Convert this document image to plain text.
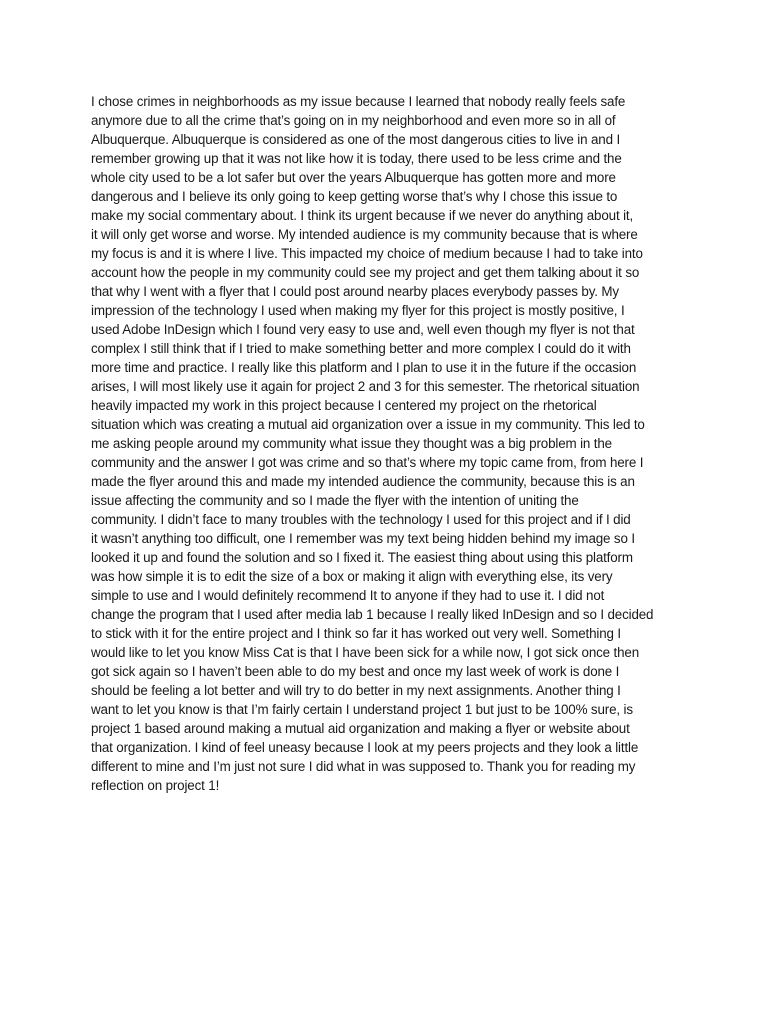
I chose crimes in neighborhoods as my issue because I learned that nobody really feels safe
anymore due to all the crime that’s going on in my neighborhood and even more so in all of
Albuquerque. Albuquerque is considered as one of the most dangerous cities to live in and I
remember growing up that it was not like how it is today, there used to be less crime and the
whole city used to be a lot safer but over the years Albuquerque has gotten more and more
dangerous and I believe its only going to keep getting worse that’s why I chose this issue to
make my social commentary about. I think its urgent because if we never do anything about it,
it will only get worse and worse. My intended audience is my community because that is where
my focus is and it is where I live. This impacted my choice of medium because I had to take into
account how the people in my community could see my project and get them talking about it so
that why I went with a flyer that I could post around nearby places everybody passes by. My
impression of the technology I used when making my flyer for this project is mostly positive, I
used Adobe InDesign which I found very easy to use and, well even though my flyer is not that
complex I still think that if I tried to make something better and more complex I could do it with
more time and practice. I really like this platform and I plan to use it in the future if the occasion
arises, I will most likely use it again for project 2 and 3 for this semester. The rhetorical situation
heavily impacted my work in this project because I centered my project on the rhetorical
situation which was creating a mutual aid organization over a issue in my community. This led to
me asking people around my community what issue they thought was a big problem in the
community and the answer I got was crime and so that’s where my topic came from, from here I
made the flyer around this and made my intended audience the community, because this is an
issue affecting the community and so I made the flyer with the intention of uniting the
community. I didn’t face to many troubles with the technology I used for this project and if I did
it wasn’t anything too difficult, one I remember was my text being hidden behind my image so I
looked it up and found the solution and so I fixed it. The easiest thing about using this platform
was how simple it is to edit the size of a box or making it align with everything else, its very
simple to use and I would definitely recommend It to anyone if they had to use it. I did not
change the program that I used after media lab 1 because I really liked InDesign and so I decided
to stick with it for the entire project and I think so far it has worked out very well. Something I
would like to let you know Miss Cat is that I have been sick for a while now, I got sick once then
got sick again so I haven’t been able to do my best and once my last week of work is done I
should be feeling a lot better and will try to do better in my next assignments. Another thing I
want to let you know is that I’m fairly certain I understand project 1 but just to be 100% sure, is
project 1 based around making a mutual aid organization and making a flyer or website about
that organization. I kind of feel uneasy because I look at my peers projects and they look a little
different to mine and I’m just not sure I did what in was supposed to. Thank you for reading my
reflection on project 1!
